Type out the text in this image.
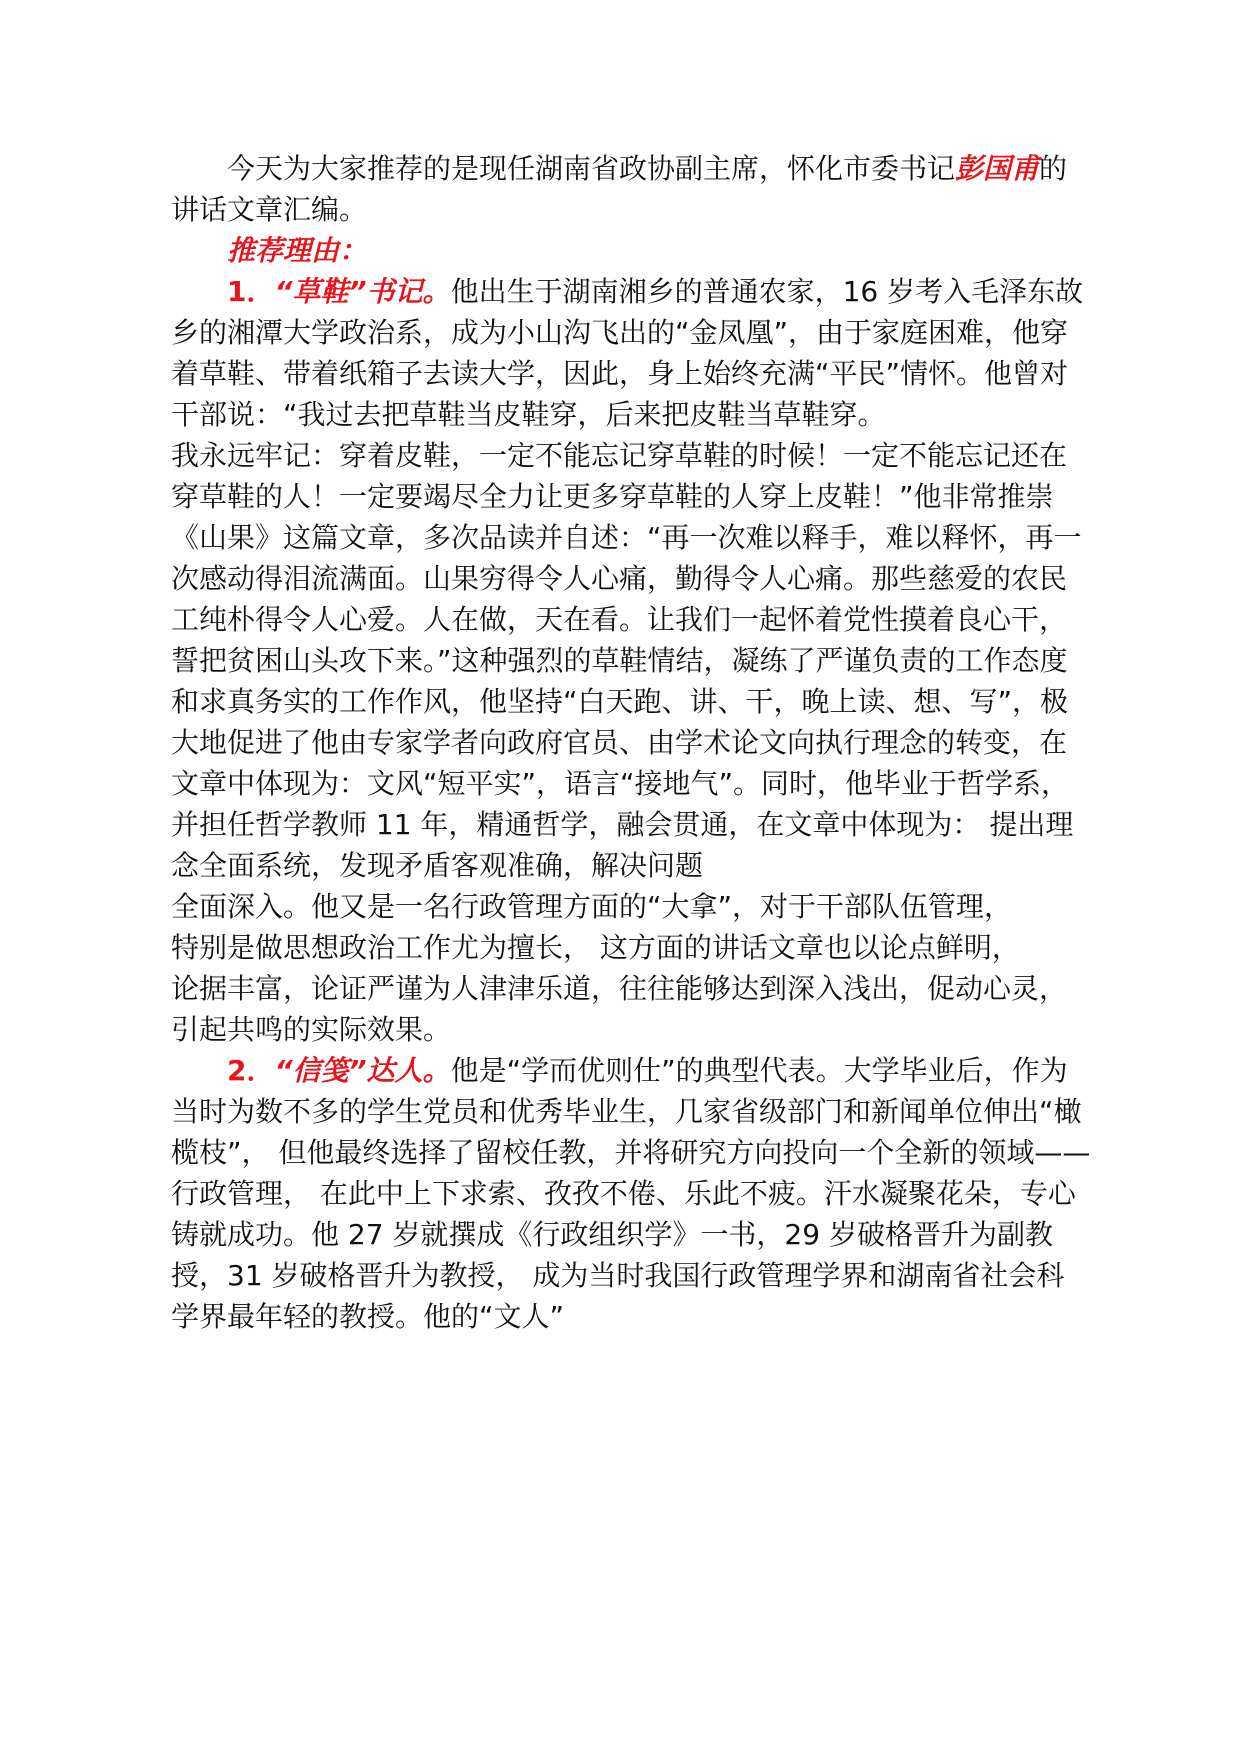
今天为大家推荐的是现任湖南省政协副主席，怀化市委书记彭国甫的讲话文章汇编。

推荐理由：

1．“草鞋”书记。他出生于湖南湘乡的普通农家，16 岁考入毛泽东故乡的湘潭大学政治系，成为小山沟飞出的“金凤凰”，由于家庭困难，他穿着草鞋、带着纸箱子去读大学，因此，身上始终充满“平民”情怀。他曾对干部说：“我过去把草鞋当皮鞋穿，后来把皮鞋当草鞋穿。
我永远牢记：穿着皮鞋，一定不能忘记穿草鞋的时候！一定不能忘记还在穿草鞋的人！一定要竭尽全力让更多穿草鞋的人穿上皮鞋！”他非常推崇《山果》这篇文章，多次品读并自述：“再一次难以释手，难以释怀，再一次感动得泪流满面。山果穷得令人心痛，勤得令人心痛。那些慈爱的农民工纯朴得令人心爱。人在做，天在看。让我们一起怀着党性摸着良心干，誓把贫困山头攻下来。”这种强烈的草鞋情结，凝练了严谨负责的工作态度和求真务实的工作作风，他坚持“白天跑、讲、干，晚上读、想、写”，极大地促进了他由专家学者向政府官员、由学术论文向执行理念的转变，在文章中体现为：文风“短平实”，语言“接地气”。同时，他毕业于哲学系，并担任哲学教师 11 年，精通哲学，融会贯通，在文章中体现为： 提出理念全面系统，发现矛盾客观准确，解决问题
全面深入。他又是一名行政管理方面的“大拿”，对于干部队伍管理，
特别是做思想政治工作尤为擅长， 这方面的讲话文章也以论点鲜明，
论据丰富，论证严谨为人津津乐道，往往能够达到深入浅出，促动心灵，引起共鸣的实际效果。

2．“信笺”达人。他是“学而优则仕”的典型代表。大学毕业后，作为当时为数不多的学生党员和优秀毕业生，几家省级部门和新闻单位伸出“橄榄枝”， 但他最终选择了留校任教，并将研究方向投向一个全新的领域——行政管理， 在此中上下求索、孜孜不倦、乐此不疲。汗水凝聚花朵，专心铸就成功。他 27 岁就撰成《行政组织学》一书，29 岁破格晋升为副教授，31 岁破格晋升为教授， 成为当时我国行政管理学界和湖南省社会科学界最年轻的教授。他的“文人”
